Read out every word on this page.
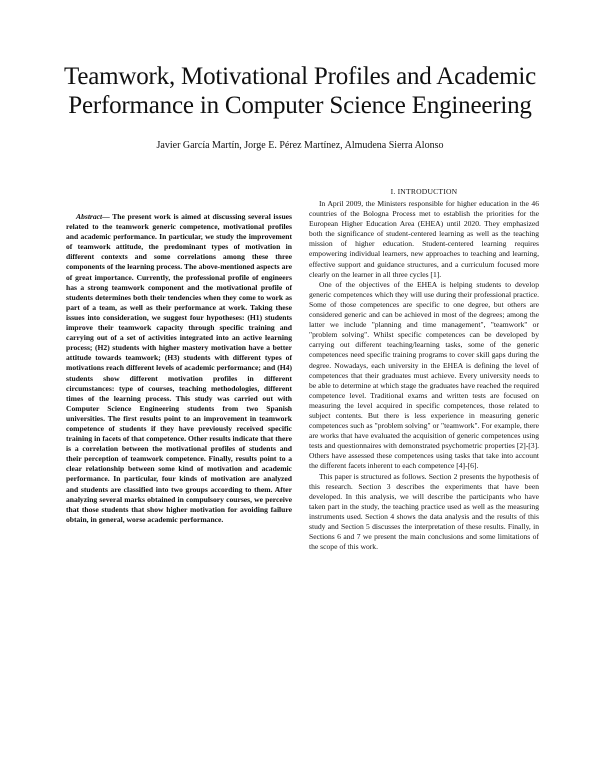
Teamwork, Motivational Profiles and Academic Performance in Computer Science Engineering
Javier García Martín, Jorge E. Pérez Martínez, Almudena Sierra Alonso

Abstract— The present work is aimed at discussing several issues related to the teamwork generic competence, motivational profiles and academic performance. In particular, we study the improvement of teamwork attitude, the predominant types of motivation in different contexts and some correlations among these three components of the learning process. The above-mentioned aspects are of great importance. Currently, the professional profile of engineers has a strong teamwork component and the motivational profile of students determines both their tendencies when they come to work as part of a team, as well as their performance at work. Taking these issues into consideration, we suggest four hypotheses: (H1) students improve their teamwork capacity through specific training and carrying out of a set of activities integrated into an active learning process; (H2) students with higher mastery motivation have a better attitude towards teamwork; (H3) students with different types of motivations reach different levels of academic performance; and (H4) students show different motivation profiles in different circumstances: type of courses, teaching methodologies, different times of the learning process. This study was carried out with Computer Science Engineering students from two Spanish universities. The first results point to an improvement in teamwork competence of students if they have previously received specific training in facets of that competence. Other results indicate that there is a correlation between the motivational profiles of students and their perception of teamwork competence. Finally, results point to a clear relationship between some kind of motivation and academic performance. In particular, four kinds of motivation are analyzed and students are classified into two groups according to them. After analyzing several marks obtained in compulsory courses, we perceive that those students that show higher motivation for avoiding failure obtain, in general, worse academic performance.

I. INTRODUCTION

In April 2009, the Ministers responsible for higher education in the 46 countries of the Bologna Process met to establish the priorities for the European Higher Education Area (EHEA) until 2020. They emphasized both the significance of student-centered learning as well as the teaching mission of higher education. Student-centered learning requires empowering individual learners, new approaches to teaching and learning, effective support and guidance structures, and a curriculum focused more clearly on the learner in all three cycles [1].

One of the objectives of the EHEA is helping students to develop generic competences which they will use during their professional practice. Some of those competences are specific to one degree, but others are considered generic and can be achieved in most of the degrees; among the latter we include "planning and time management", "teamwork" or "problem solving". Whilst specific competences can be developed by carrying out different teaching/learning tasks, some of the generic competences need specific training programs to cover skill gaps during the degree. Nowadays, each university in the EHEA is defining the level of competences that their graduates must achieve. Every university needs to be able to determine at which stage the graduates have reached the required competence level. Traditional exams and written tests are focused on measuring the level acquired in specific competences, those related to subject contents. But there is less experience in measuring generic competences such as "problem solving" or "teamwork". For example, there are works that have evaluated the acquisition of generic competences using tests and questionnaires with demonstrated psychometric properties [2]-[3]. Others have assessed these competences using tasks that take into account the different facets inherent to each competence [4]-[6].

This paper is structured as follows. Section 2 presents the hypothesis of this research. Section 3 describes the experiments that have been developed. In this analysis, we will describe the participants who have taken part in the study, the teaching practice used as well as the measuring instruments used. Section 4 shows the data analysis and the results of this study and Section 5 discusses the interpretation of these results. Finally, in Sections 6 and 7 we present the main conclusions and some limitations of the scope of this work.
